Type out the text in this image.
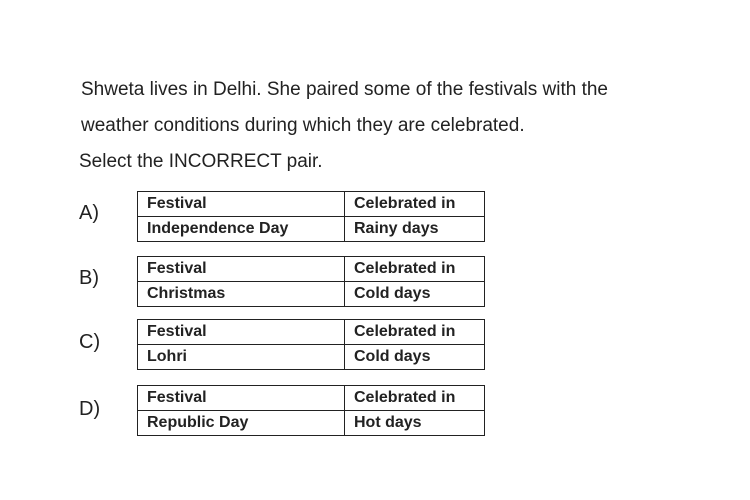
Shweta lives in Delhi. She paired some of the festivals with the
weather conditions during which they are celebrated.
Select the INCORRECT pair.
A)	Festival	Celebrated in
Independence Day	Rainy days
B)	Festival	Celebrated in
Christmas	Cold days
C)	Festival	Celebrated in
Lohri	Cold days
D)
Festival	Celebrated in
Republic Day	Hot days
